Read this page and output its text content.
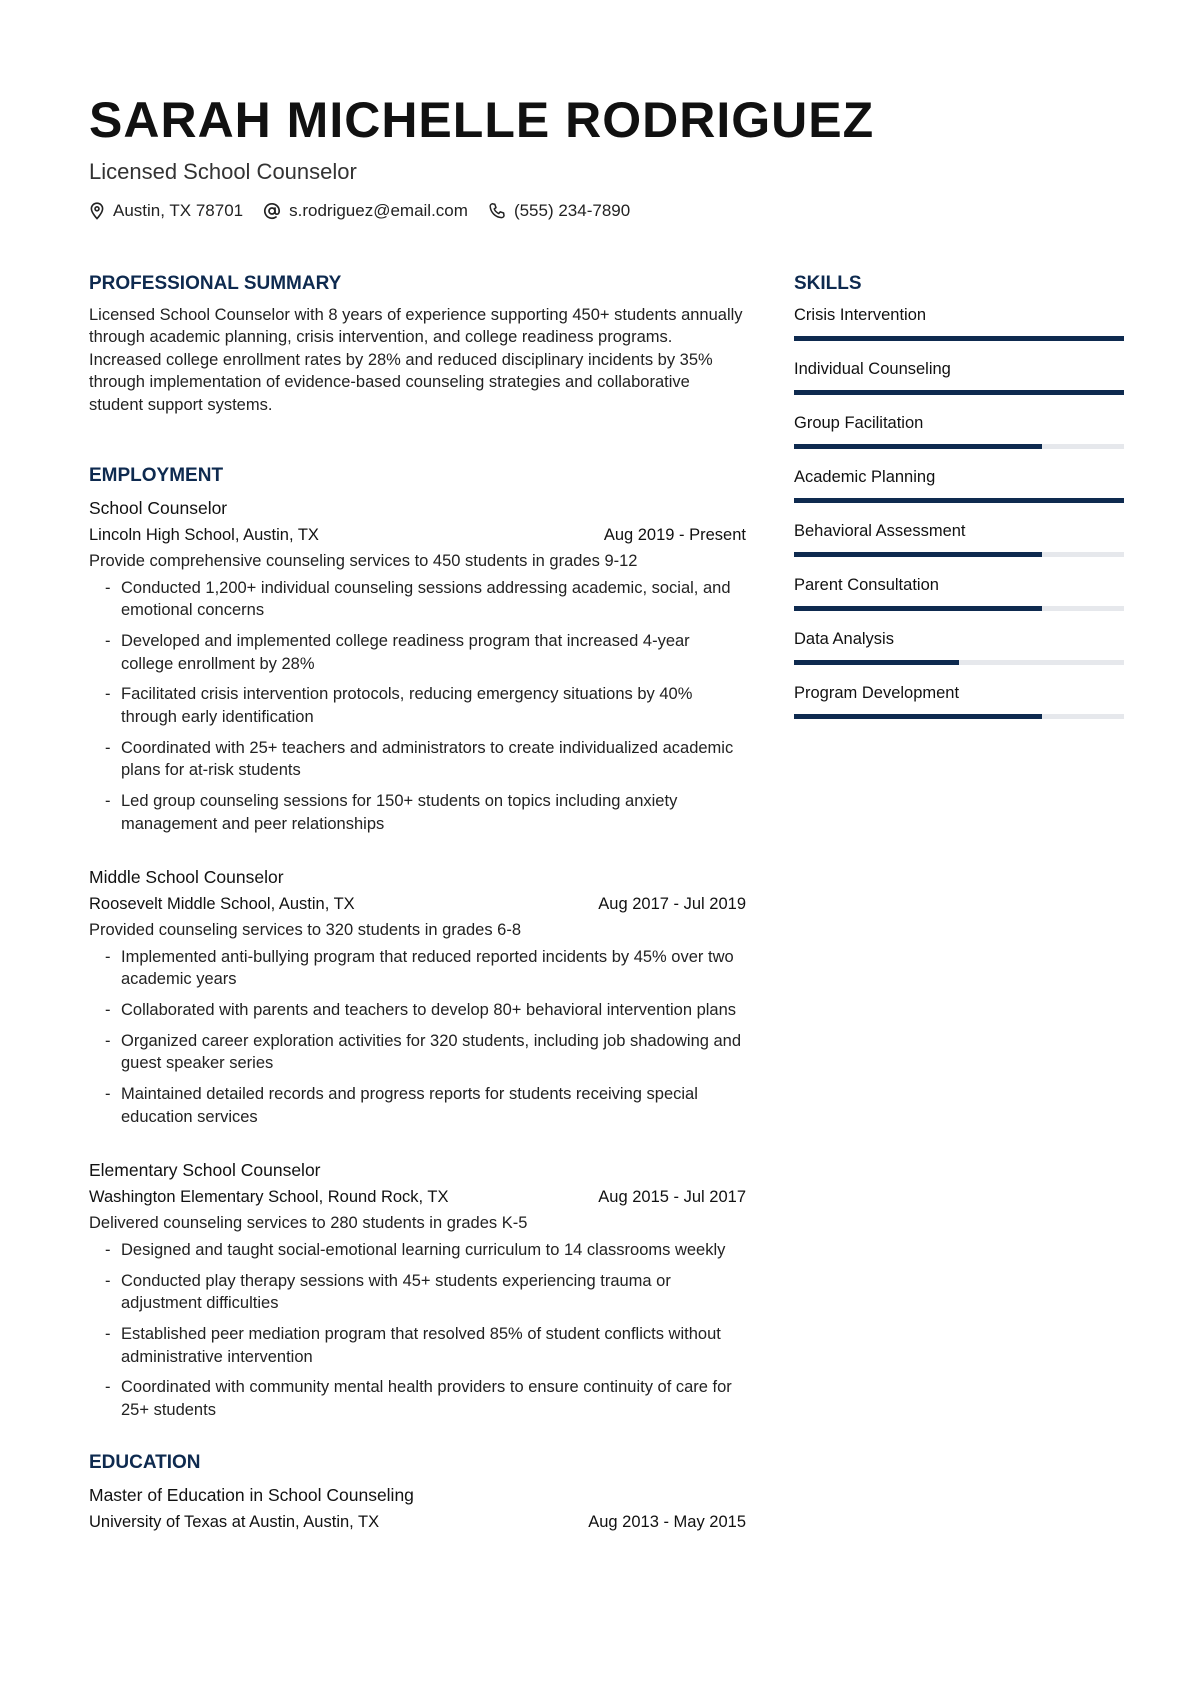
SARAH MICHELLE RODRIGUEZ
Licensed School Counselor
Austin, TX 78701	s.rodriguez@email.com	(555) 234-7890
PROFESSIONAL SUMMARY

Licensed School Counselor with 8 years of experience supporting 450+ students annually through academic planning, crisis intervention, and college readiness programs. Increased college enrollment rates by 28% and reduced disciplinary incidents by 35% through implementation of evidence-based counseling strategies and collaborative student support systems.

EMPLOYMENT
School Counselor
Lincoln High School, Austin, TX	Aug 2019 - Present
Provide comprehensive counseling services to 450 students in grades 9-12
- Conducted 1,200+ individual counseling sessions addressing academic, social, and emotional concerns
- Developed and implemented college readiness program that increased 4-year college enrollment by 28%
- Facilitated crisis intervention protocols, reducing emergency situations by 40% through early identification
- Coordinated with 25+ teachers and administrators to create individualized academic plans for at-risk students
- Led group counseling sessions for 150+ students on topics including anxiety management and peer relationships
Middle School Counselor
Roosevelt Middle School, Austin, TX	Aug 2017 - Jul 2019
Provided counseling services to 320 students in grades 6-8
- Implemented anti-bullying program that reduced reported incidents by 45% over two academic years
- Collaborated with parents and teachers to develop 80+ behavioral intervention plans
- Organized career exploration activities for 320 students, including job shadowing and guest speaker series
- Maintained detailed records and progress reports for students receiving special education services
Elementary School Counselor
Washington Elementary School, Round Rock, TX	Aug 2015 - Jul 2017
Delivered counseling services to 280 students in grades K-5
- Designed and taught social-emotional learning curriculum to 14 classrooms weekly
- Conducted play therapy sessions with 45+ students experiencing trauma or adjustment difficulties
- Established peer mediation program that resolved 85% of student conflicts without administrative intervention
- Coordinated with community mental health providers to ensure continuity of care for 25+ students
EDUCATION
Master of Education in School Counseling
University of Texas at Austin, Austin, TX	Aug 2013 - May 2015
SKILLS
Crisis Intervention
Individual Counseling
Group Facilitation
Academic Planning
Behavioral Assessment
Parent Consultation
Data Analysis
Program Development
